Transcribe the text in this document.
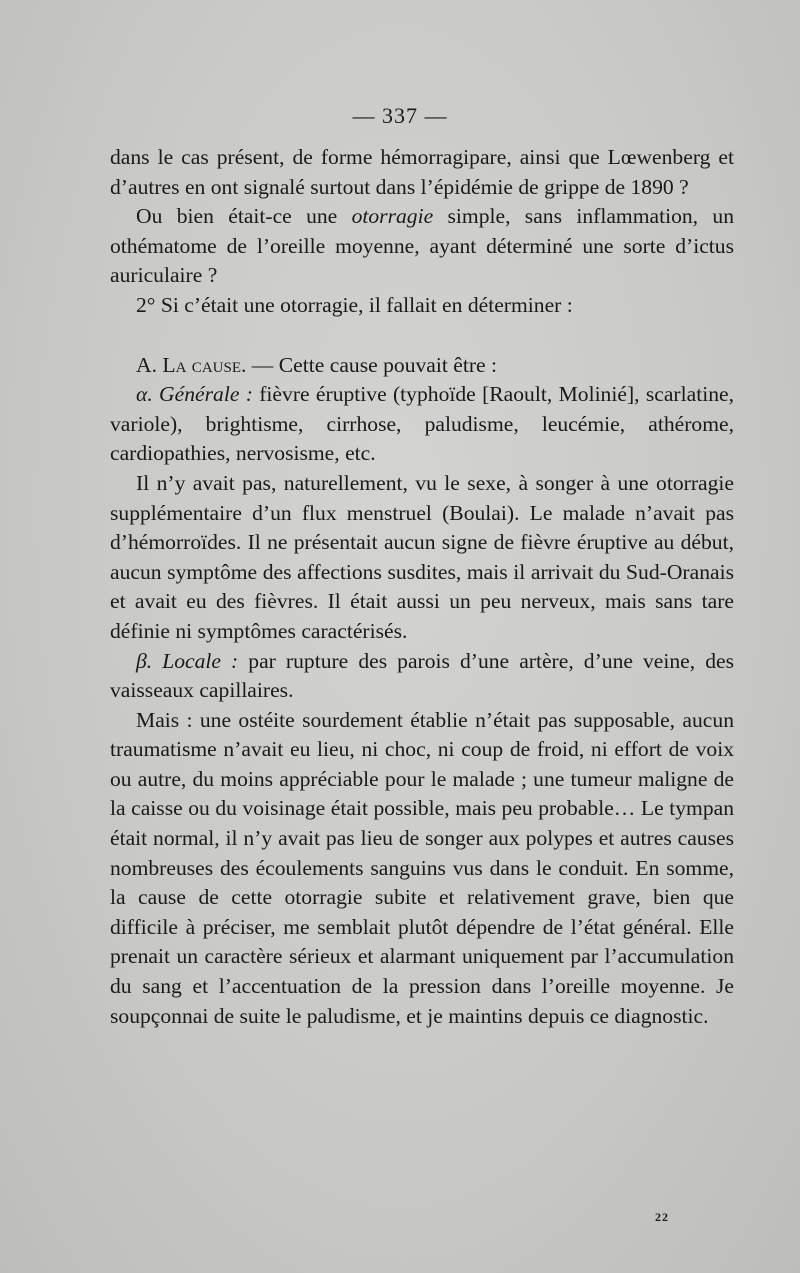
— 337 —

dans le cas présent, de forme hémorragipare, ainsi que Lœwenberg et d’autres en ont signalé surtout dans l’épidémie de grippe de 1890 ?

Ou bien était-ce une otorragie simple, sans inflammation, un othématome de l’oreille moyenne, ayant déterminé une sorte d’ictus auriculaire ?

2° Si c’était une otorragie, il fallait en déterminer :

A. La cause. — Cette cause pouvait être :

α. Générale : fièvre éruptive (typhoïde [Raoult, Molinié], scarlatine, variole), brightisme, cirrhose, paludisme, leucémie, athérome, cardiopathies, nervosisme, etc.

Il n’y avait pas, naturellement, vu le sexe, à songer à une otorragie supplémentaire d’un flux menstruel (Boulai). Le malade n’avait pas d’hémorroïdes. Il ne présentait aucun signe de fièvre éruptive au début, aucun symptôme des affections susdites, mais il arrivait du Sud-Oranais et avait eu des fièvres. Il était aussi un peu nerveux, mais sans tare définie ni symptômes caractérisés.

β. Locale : par rupture des parois d’une artère, d’une veine, des vaisseaux capillaires.

Mais : une ostéite sourdement établie n’était pas supposable, aucun traumatisme n’avait eu lieu, ni choc, ni coup de froid, ni effort de voix ou autre, du moins appréciable pour le malade ; une tumeur maligne de la caisse ou du voisinage était possible, mais peu probable… Le tympan était normal, il n’y avait pas lieu de songer aux polypes et autres causes nombreuses des écoulements sanguins vus dans le conduit. En somme, la cause de cette otorragie subite et relativement grave, bien que difficile à préciser, me semblait plutôt dépendre de l’état général. Elle prenait un caractère sérieux et alarmant uniquement par l’accumulation du sang et l’accentuation de la pression dans l’oreille moyenne. Je soupçonnai de suite le paludisme, et je maintins depuis ce diagnostic.

22
